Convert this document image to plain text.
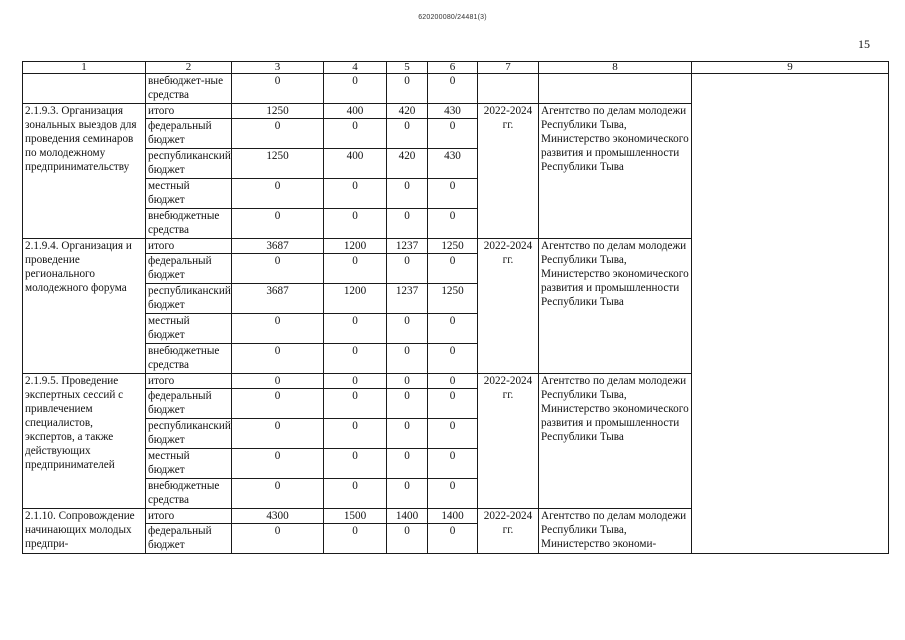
620200080/24481(3)
15
1	2	3	4	5	6	7	8	9
	внебюджет-ные средства	0	0	0	0			
2.1.9.3. Организация зональных выездов для проведения семинаров по молодежному предпринимательству	итого	1250	400	420	430	2022-2024 гг.	Агентство по делам молодежи Республики Тыва, Министерство экономического развития и промышленности Республики Тыва	
	федеральный бюджет	0	0	0	0			
	республиканский бюджет	1250	400	420	430			
	местный бюджет	0	0	0	0			
	внебюджетные средства	0	0	0	0			
2.1.9.4. Организация и проведение регионального молодежного форума	итого	3687	1200	1237	1250	2022-2024 гг.	Агентство по делам молодежи Республики Тыва, Министерство экономического развития и промышленности Республики Тыва	
	федеральный бюджет	0	0	0	0			
	республиканский бюджет	3687	1200	1237	1250			
	местный бюджет	0	0	0	0			
	внебюджетные средства	0	0	0	0			
2.1.9.5. Проведение экспертных сессий с привлечением специалистов, экспертов, а также действующих предпринимателей	итого	0	0	0	0	2022-2024 гг.	Агентство по делам молодежи Республики Тыва, Министерство экономического развития и промышленности Республики Тыва	
	федеральный бюджет	0	0	0	0			
	республиканский бюджет	0	0	0	0			
	местный бюджет	0	0	0	0			
	внебюджетные средства	0	0	0	0			
2.1.10. Сопровождение начинающих молодых предпри-	итого	4300	1500	1400	1400	2022-2024 гг.	Агентство по делам молодежи Республики Тыва, Министерство экономи-	
	федеральный бюджет	0	0	0	0			
